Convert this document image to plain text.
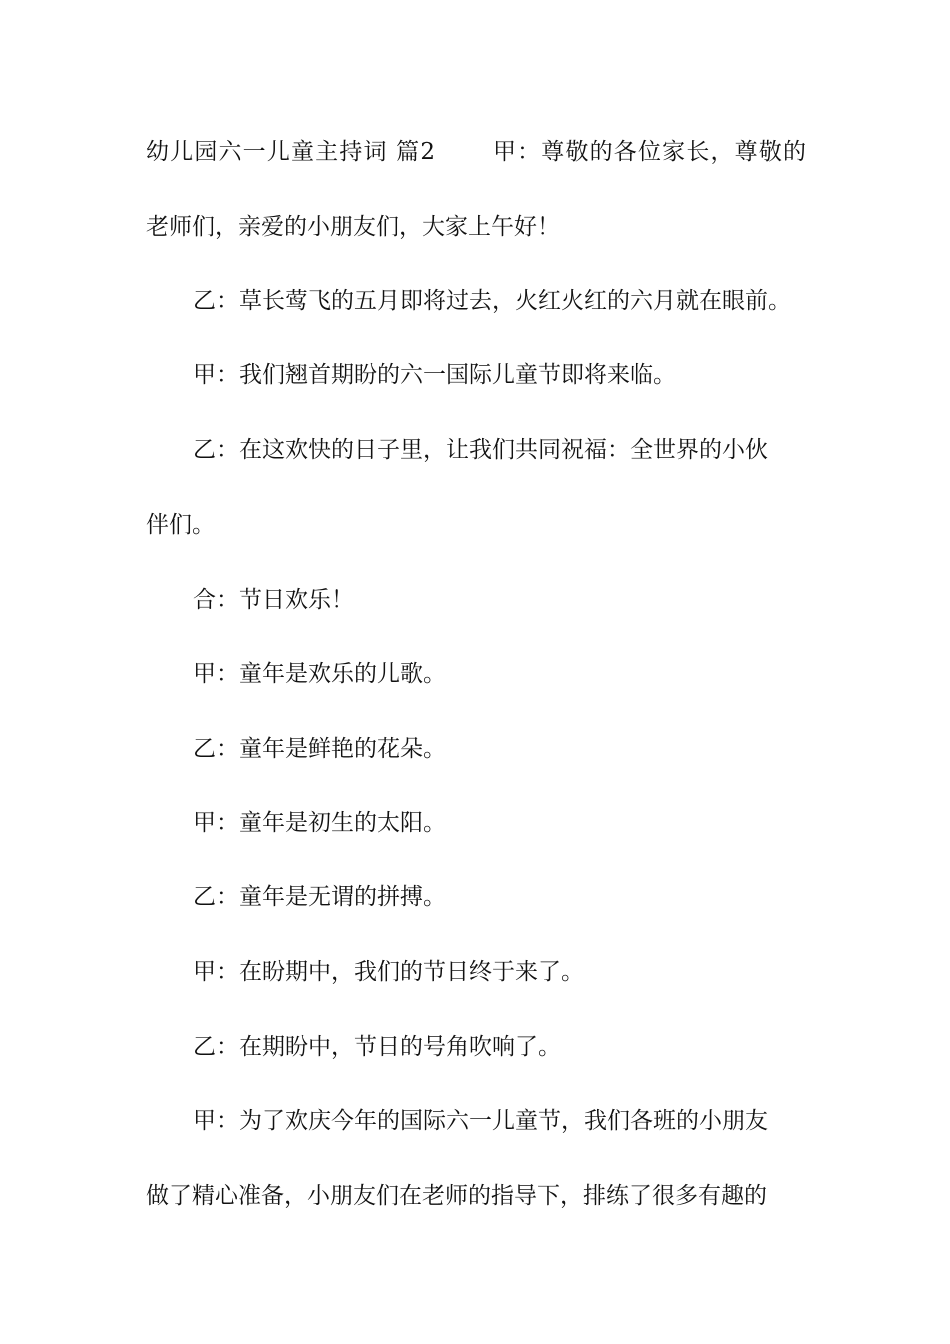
幼儿园六一儿童主持词 篇2　　 甲：尊敬的各位家长，尊敬的
老师们，亲爱的小朋友们，大家上午好！
乙：草长莺飞的五月即将过去，火红火红的六月就在眼前。
甲：我们翘首期盼的六一国际儿童节即将来临。
乙：在这欢快的日子里，让我们共同祝福：全世界的小伙
伴们。
合：节日欢乐！
甲：童年是欢乐的儿歌。
乙：童年是鲜艳的花朵。
甲：童年是初生的太阳。
乙：童年是无谓的拼搏。
甲：在盼期中，我们的节日终于来了。
乙：在期盼中，节日的号角吹响了。
甲：为了欢庆今年的国际六一儿童节，我们各班的小朋友
做了精心准备，小朋友们在老师的指导下，排练了很多有趣的
